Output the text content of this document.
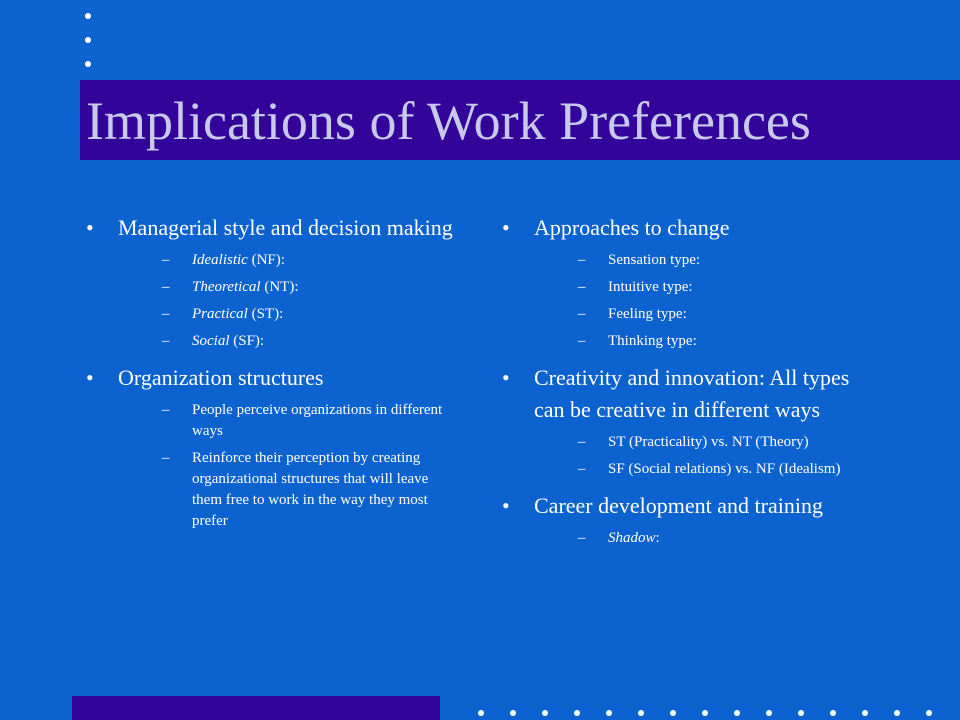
Implications of Work Preferences
• Managerial style and decision making
– Idealistic (NF):
– Theoretical (NT):
– Practical (ST):
– Social (SF):
• Organization structures
– People perceive organizations in different ways
– Reinforce their perception by creating organizational structures that will leave them free to work in the way they most prefer
• Approaches to change
– Sensation type:
– Intuitive type:
– Feeling type:
– Thinking type:
• Creativity and innovation: All types can be creative in different ways
– ST (Practicality) vs. NT (Theory)
– SF (Social relations) vs. NF (Idealism)
• Career development and training
– Shadow:
